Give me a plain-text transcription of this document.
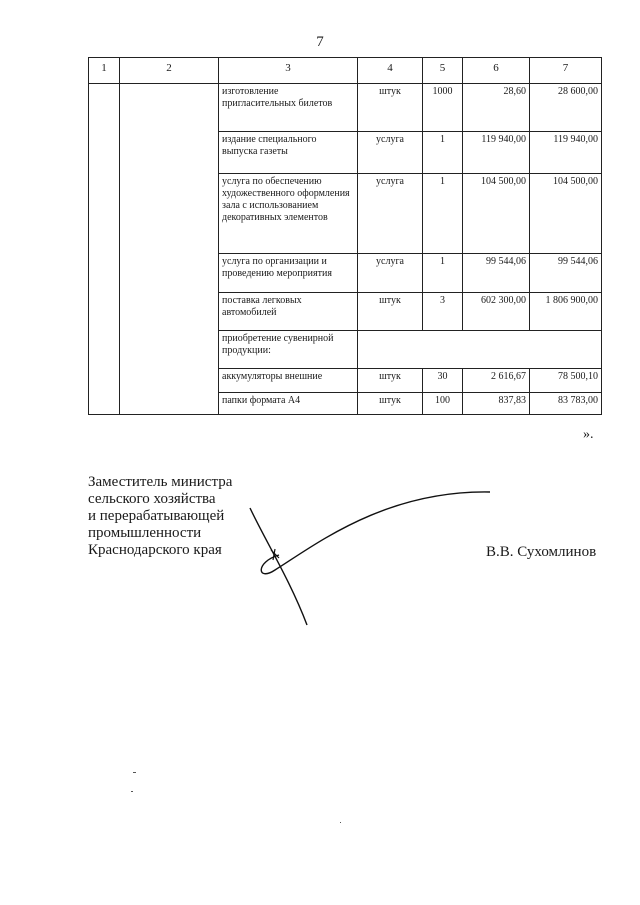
7
1	2	3	4	5	6	7
		изготовление пригласительных билетов	штук	1000	28,60	28 600,00
		издание специального выпуска газеты	услуга	1	119 940,00	119 940,00
		услуга по обеспечению художественного оформления зала с использованием декоративных элементов	услуга	1	104 500,00	104 500,00
		услуга по организации и проведению мероприятия	услуга	1	99 544,06	99 544,06
		поставка легковых автомобилей	штук	3	602 300,00	1 806 900,00
		приобретение сувенирной продукции:				
		аккумуляторы внешние	штук	30	2 616,67	78 500,10
		папки формата А4	штук	100	837,83	83 783,00
».
Заместитель министра
сельского хозяйства
и перерабатывающей
промышленности
Краснодарского края	В.В. Сухомлинов
